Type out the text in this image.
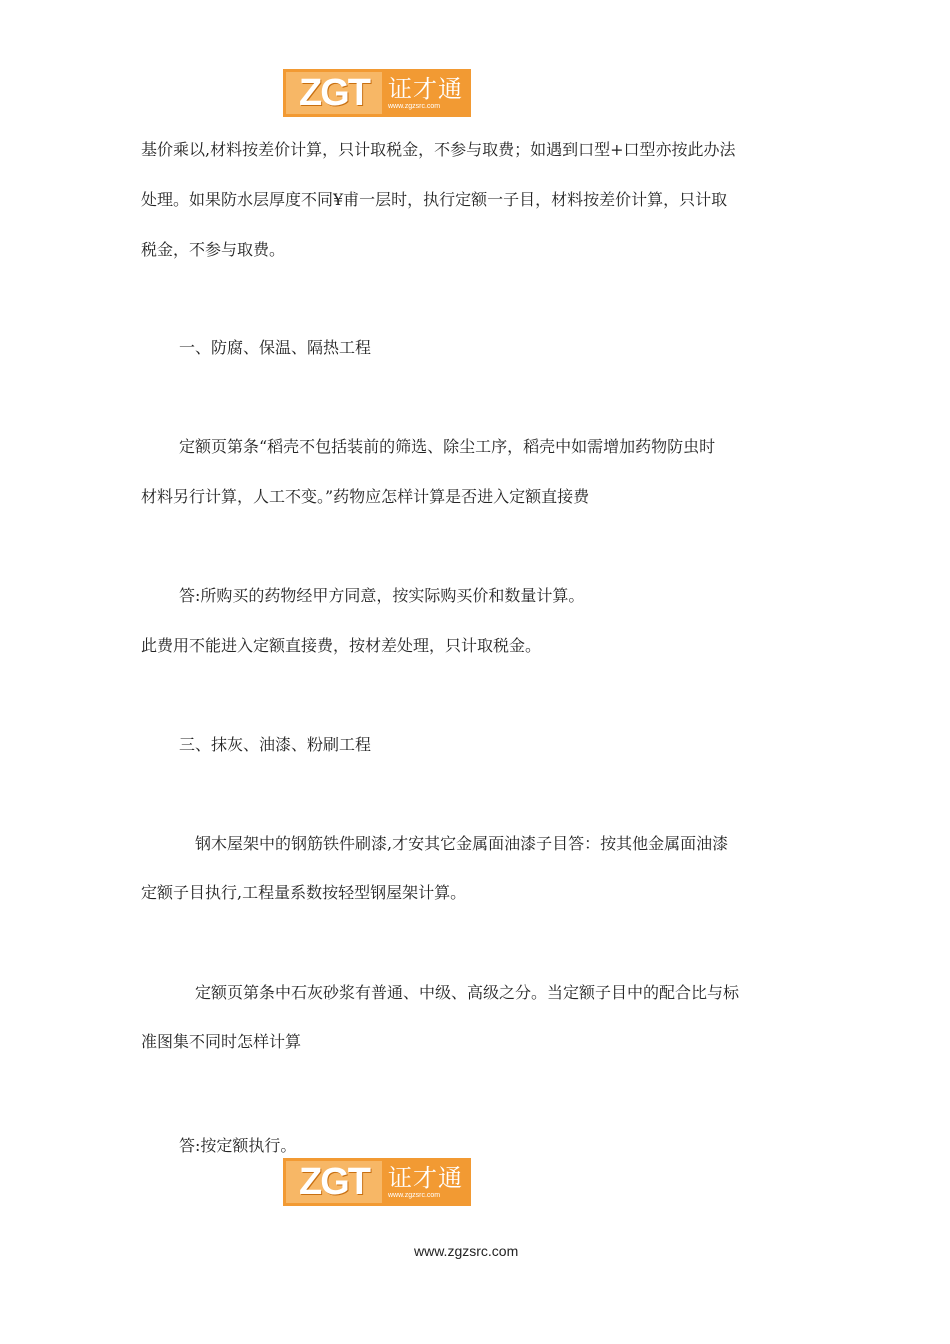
ZGT 证才通
www.zgzsrc.com

基价乘以,材料按差价计算，只计取税金，不参与取费；如遇到口型+口型亦按此办法

处理。如果防水层厚度不同¥甫一层时，执行定额一子目，材料按差价计算，只计取

税金，不参与取费。

一、防腐、保温、隔热工程

定额页第条“稻壳不包括装前的筛选、除尘工序，稻壳中如需增加药物防虫时

材料另行计算，人工不变。”药物应怎样计算是否进入定额直接费

答:所购买的药物经甲方同意，按实际购买价和数量计算。

此费用不能进入定额直接费，按材差处理，只计取税金。

三、抹灰、油漆、粉刷工程

钢木屋架中的钢筋铁件刷漆,才安其它金属面油漆子目答：按其他金属面油漆

定额子目执行,工程量系数按轻型钢屋架计算。

定额页第条中石灰砂浆有普通、中级、高级之分。当定额子目中的配合比与标

准图集不同时怎样计算

答:按定额执行。

ZGT 证才通
www.zgzsrc.com
www.zgzsrc.com
